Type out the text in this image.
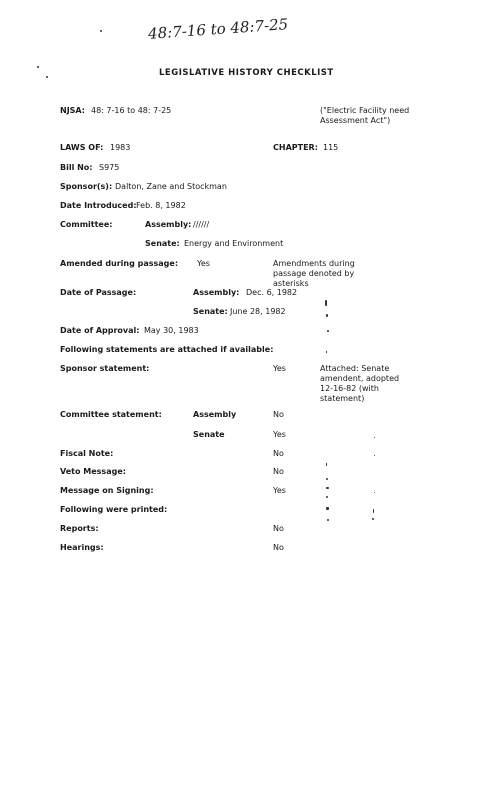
48:7-16 to 48:7-25
LEGISLATIVE HISTORY CHECKLIST
NJSA: 48: 7-16 to 48: 7-25	("Electric Facility need Assessment Act")
LAWS OF: 1983	CHAPTER: 115
Bill No: S975
Sponsor(s): Dalton, Zane and Stockman
Date Introduced: Feb. 8, 1982
Committee:	Assembly: //////
Senate: Energy and Environment
Amended during passage: Yes	Amendments during passage denoted by asterisks
Date of Passage:	Assembly: Dec. 6, 1982
Senate: June 28, 1982
Date of Approval: May 30, 1983
Following statements are attached if available:
Sponsor statement:	Yes	Attached: Senate amendent, adopted 12-16-82 (with statement)
Committee statement:	Assembly	No
Senate	Yes
Fiscal Note:	No
Veto Message:	No
Message on Signing:	Yes
Following were printed:
Reports:	No
Hearings:	No
